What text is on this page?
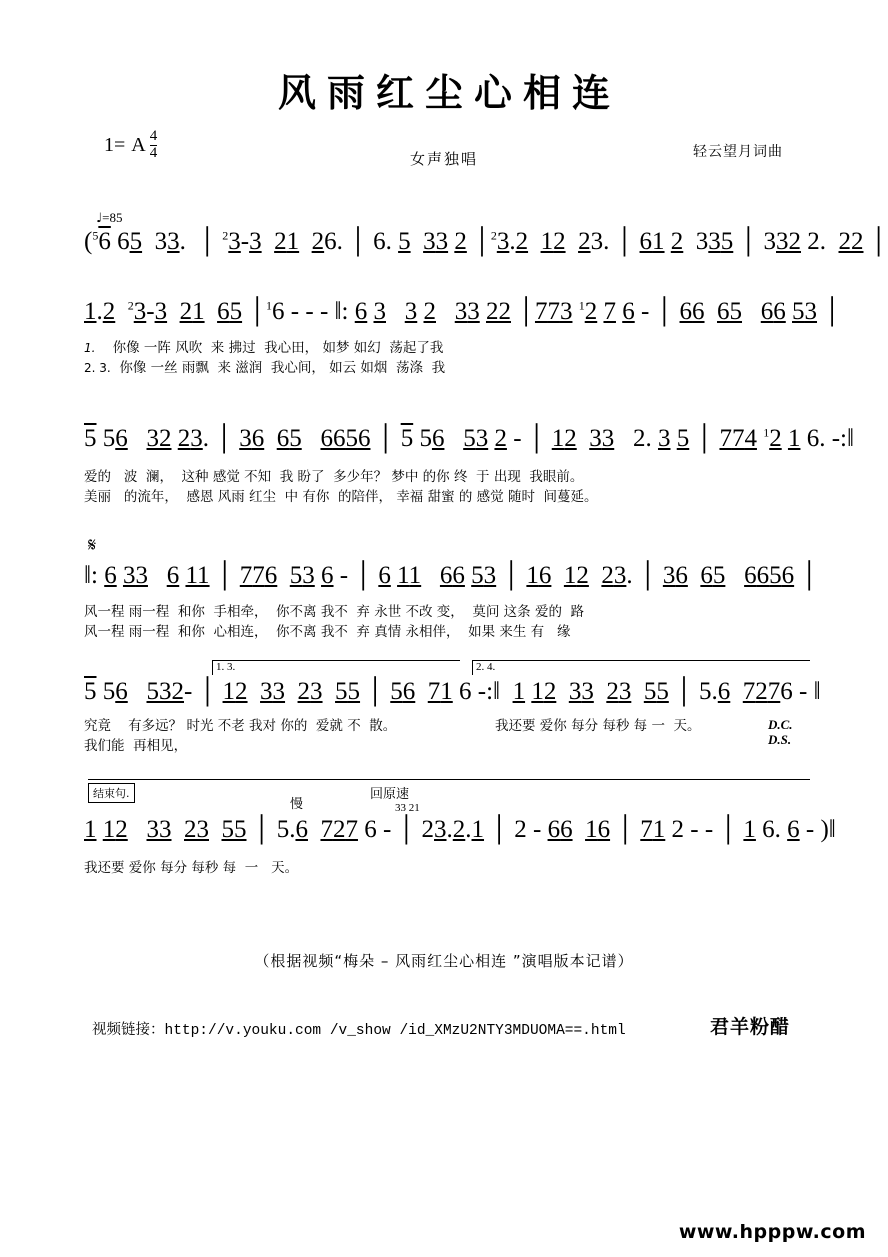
风雨红尘心相连
1= A $\frac{4}{4}$	女声独唱	轻云望月词曲
♩=85
($^5$6 65  33.  │ $^2$3-3 21 26. │ 6. 5 33 2 │$^2$3.2 12 23. │ 61 2  335 │ 332 2.  22 │
1.2 $^2$3-3 21 65 │$^1$6 - - - ‖: 6 3 3 2 33 22 │773 $^1$2 7 6 - │ 66 65 66 53 │
1. 你像 一阵 风吹  来 拂过  我心田， 如梦 如幻  荡起了我
2. 3. 你像 一丝 雨飘  来 滋润  我心间， 如云 如烟  荡涤  我
5 56 32 23. │ 36 65 6656 │ 5 56 53 2 - │ 12 33   2. 3 5 │ 774 $^1$2 1 6. -:‖
爱的   波  澜，  这种 感觉 不知  我 盼了  多少年？ 梦中 的你 终  于 出现  我眼前。
美丽   的流年，  感恩 风雨 红尘  中 有你  的陪伴， 幸福 甜蜜 的 感觉 随时  间蔓延。
𝄋
‖: 6 33 6 11 │ 776 53 6 - │ 6 11 66 53 │ 16 12 23. │ 36 65 6656 │
风一程 雨一程  和你  手相牵，  你不离 我不  弃 永世 不改 变，  莫问 这条 爱的  路
风一程 雨一程  和你  心相连，  你不离 我不  弃 真情 永相伴，  如果 来生 有   缘
1. 3.	2. 4.
5 56 532- │ 12 33 23 55 │ 56 71 6 -:‖  1 12 33 23 55 │ 5.6 7276 - ‖
究竟    有多远？ 时光 不老 我对 你的  爱就 不  散。	我还要 爱你 每分 每秒 每 一  天。
我们能  再相见，
D.C.
D.S.
结束句.
慢
回原速
33 21
1 12 33 23 55 │ 5.6 727 6 - │ 23.2.1 │ 2 - 66 16 │ 71 2 - - │ 1 6. 6 - )‖
我还要 爱你 每分 每秒 每  一   天。
（根据视频“梅朵 – 风雨红尘心相连 ”演唱版本记谱）
视频链接：http://v.youku.com /v_show /id_XMzU2NTY3MDUOMA==.html	君羊粉醋
www.hpppw.com
